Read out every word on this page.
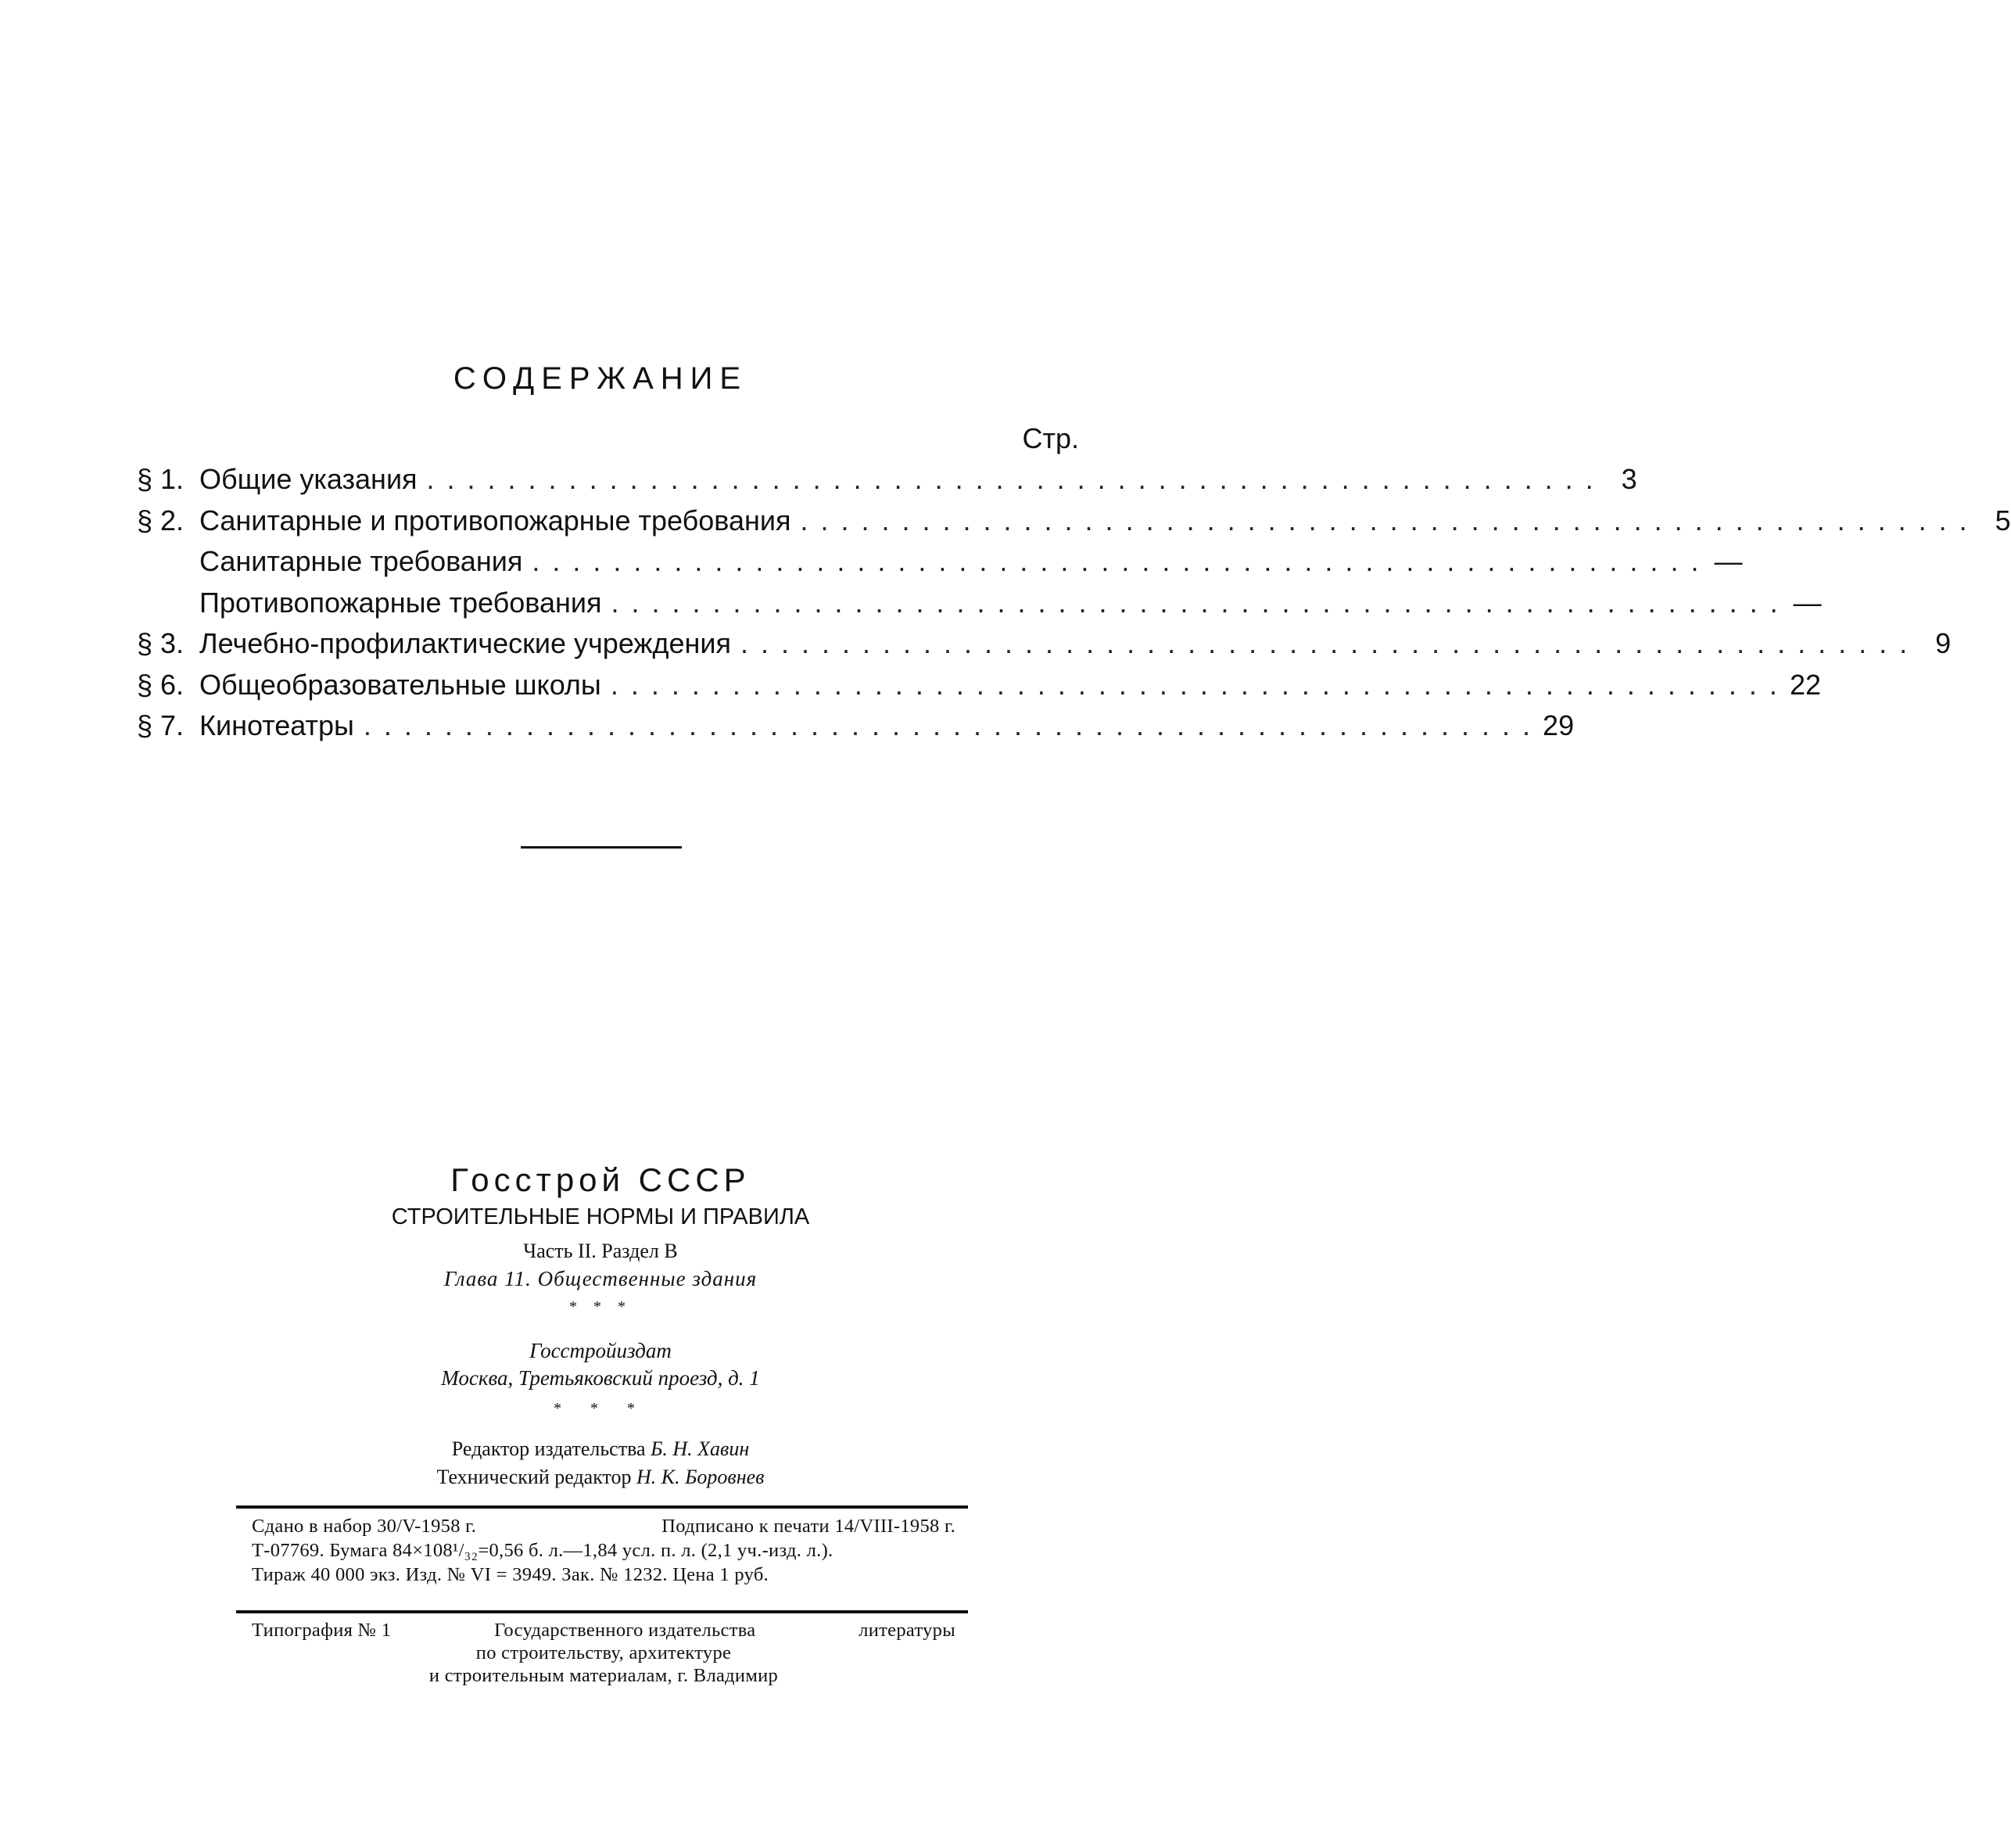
СОДЕРЖАНИЕ
Стр.
§ 1. Общие указания .......................................................... 3
§ 2. Санитарные и противопожарные требования .......................................................... 5
Санитарные требования .......................................................... —
Противопожарные требования .......................................................... —
§ 3. Лечебно-профилактические учреждения .......................................................... 9
§ 6. Общеобразовательные школы .......................................................... 22
§ 7. Кинотеатры .......................................................... 29
Госстрой СССР
СТРОИТЕЛЬНЫЕ НОРМЫ И ПРАВИЛА
Часть II. Раздел В
Глава 11. Общественные здания
* * *
Госстройиздат
Москва, Третьяковский проезд, д. 1
* * *
Редактор издательства Б. Н. Хавин
Технический редактор Н. К. Боровнев
Сдано в набор 30/V-1958 г.	Подписано к печати 14/VIII-1958 г.
Т-07769. Бумага 84×108¹/₃₂=0,56 б. л.—1,84 усл. п. л. (2,1 уч.-изд. л.).
Тираж 40 000 экз. Изд. № VI = 3949. Зак. № 1232. Цена 1 руб.
Типография № 1	Государственного издательства	литературы
по строительству, архитектуре
и строительным материалам, г. Владимир
